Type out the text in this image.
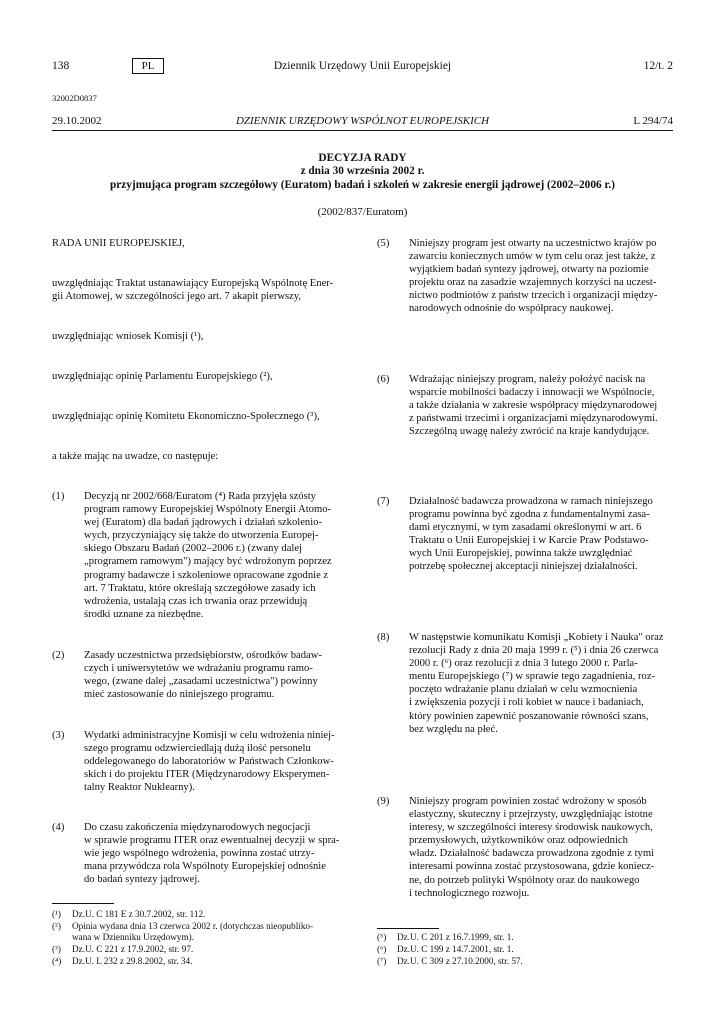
138	PL	Dziennik Urzędowy Unii Europejskiej	12/t. 2
32002D0837
29.10.2002	DZIENNIK URZĘDOWY WSPÓLNOT EUROPEJSKICH	L 294/74
DECYZJA RADY
z dnia 30 września 2002 r.
przyjmująca program szczegółowy (Euratom) badań i szkoleń w zakresie energii jądrowej (2002–2006 r.)
(2002/837/Euratom)
RADA UNII EUROPEJSKIEJ,
uwzględniając Traktat ustanawiający Europejską Wspólnotę Ener-
gii Atomowej, w szczególności jego art. 7 akapit pierwszy,
uwzględniając wniosek Komisji (¹),
uwzględniając opinię Parlamentu Europejskiego (²),
uwzględniając opinię Komitetu Ekonomiczno-Społecznego (³),
a także mając na uwadze, co następuje:
(1) Decyzją nr 2002/668/Euratom (⁴) Rada przyjęła szósty
program ramowy Europejskiej Wspólnoty Energii Atomo-
wej (Euratom) dla badań jądrowych i działań szkolenio-
wych, przyczyniający się także do utworzenia Europej-
skiego Obszaru Badań (2002–2006 r.) (zwany dalej
„programem ramowym") mający być wdrożonym poprzez
programy badawcze i szkoleniowe opracowane zgodnie z
art. 7 Traktatu, które określają szczegółowe zasady ich
wdrożenia, ustalają czas ich trwania oraz przewidują
środki uznane za niezbędne.
(2) Zasady uczestnictwa przedsiębiorstw, ośrodków badaw-
czych i uniwersytetów we wdrażaniu programu ramo-
wego, (zwane dalej „zasadami uczestnictwa") powinny
mieć zastosowanie do niniejszego programu.
(3) Wydatki administracyjne Komisji w celu wdrożenia niniej-
szego programu odzwierciedlają dużą ilość personelu
oddelegowanego do laboratoriów w Państwach Członkow-
skich i do projektu ITER (Międzynarodowy Eksperymen-
talny Reaktor Nuklearny).
(4) Do czasu zakończenia międzynarodowych negocjacji
w sprawie programu ITER oraz ewentualnej decyzji w spra-
wie jego wspólnego wdrożenia, powinna zostać utrzy-
mana przywódcza rola Wspólnoty Europejskiej odnośnie
do badań syntezy jądrowej.
(¹) Dz.U. C 181 E z 30.7.2002, str. 112.
(²) Opinia wydana dnia 13 czerwca 2002 r. (dotychczas nieopubliko-
wana w Dzienniku Urzędowym).
(³) Dz.U. C 221 z 17.9.2002, str. 97.
(⁴) Dz.U. L 232 z 29.8.2002, str. 34.
(5) Niniejszy program jest otwarty na uczestnictwo krajów po
zawarciu koniecznych umów w tym celu oraz jest także, z
wyjątkiem badań syntezy jądrowej, otwarty na poziomie
projektu oraz na zasadzie wzajemnych korzyści na uczest-
nictwo podmiotów z państw trzecich i organizacji między-
narodowych odnośnie do współpracy naukowej.
(6) Wdrażając niniejszy program, należy położyć nacisk na
wsparcie mobilności badaczy i innowacji we Wspólnocie,
a także działania w zakresie współpracy międzynarodowej
z państwami trzecimi i organizacjami międzynarodowymi.
Szczególną uwagę należy zwrócić na kraje kandydujące.
(7) Działalność badawcza prowadzona w ramach niniejszego
programu powinna być zgodna z fundamentalnymi zasa-
dami etycznymi, w tym zasadami określonymi w art. 6
Traktatu o Unii Europejskiej i w Karcie Praw Podstawo-
wych Unii Europejskiej, powinna także uwzględniać
potrzebę społecznej akceptacji niniejszej działalności.
(8) W następstwie komunikatu Komisji „Kobiety i Nauka" oraz
rezolucji Rady z dnia 20 maja 1999 r. (⁵) i dnia 26 czerwca
2000 r. (⁶) oraz rezolucji z dnia 3 lutego 2000 r. Parla-
mentu Europejskiego (⁷) w sprawie tego zagadnienia, roz-
poczęto wdrażanie planu działań w celu wzmocnienia
i zwiększenia pozycji i roli kobiet w nauce i badaniach,
który powinien zapewnić poszanowanie równości szans,
bez względu na płeć.
(9) Niniejszy program powinien zostać wdrożony w sposób
elastyczny, skuteczny i przejrzysty, uwzględniając istotne
interesy, w szczególności interesy środowisk naukowych,
przemysłowych, użytkowników oraz odpowiednich
władz. Działalność badawcza prowadzona zgodnie z tymi
interesami powinna zostać przystosowana, gdzie koniecz-
ne, do potrzeb polityki Wspólnoty oraz do naukowego
i technologicznego rozwoju.
(⁵) Dz.U. C 201 z 16.7.1999, str. 1.
(⁶) Dz.U. C 199 z 14.7.2001, str. 1.
(⁷) Dz.U. C 309 z 27.10.2000, str. 57.
